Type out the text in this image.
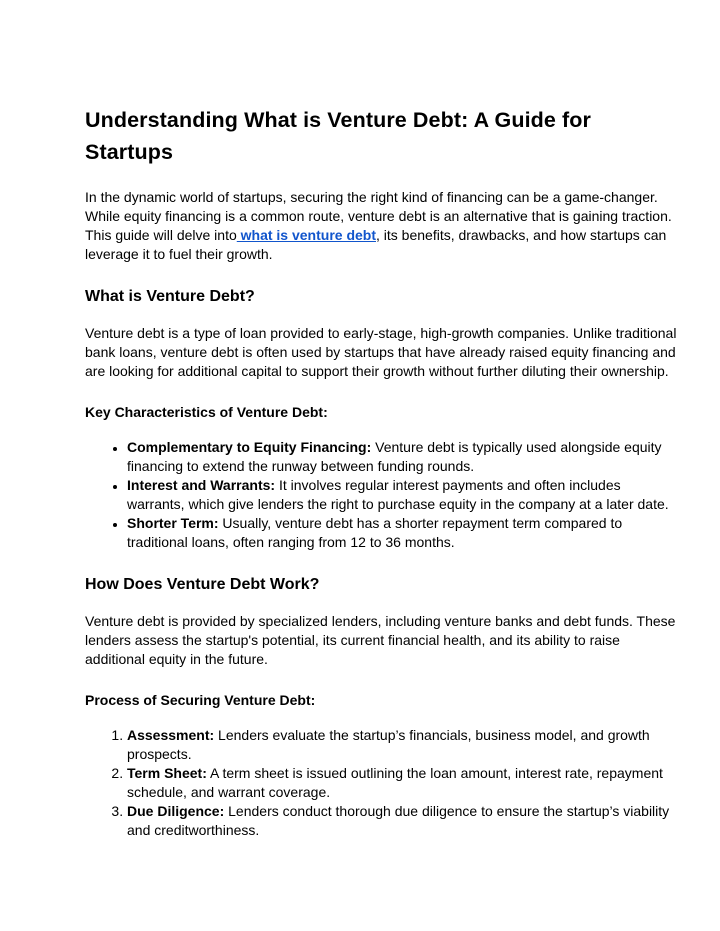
Understanding What is Venture Debt: A Guide for Startups

In the dynamic world of startups, securing the right kind of financing can be a game-changer. While equity financing is a common route, venture debt is an alternative that is gaining traction. This guide will delve into what is venture debt, its benefits, drawbacks, and how startups can leverage it to fuel their growth.

What is Venture Debt?

Venture debt is a type of loan provided to early-stage, high-growth companies. Unlike traditional bank loans, venture debt is often used by startups that have already raised equity financing and are looking for additional capital to support their growth without further diluting their ownership.

Key Characteristics of Venture Debt:

• Complementary to Equity Financing: Venture debt is typically used alongside equity financing to extend the runway between funding rounds.
• Interest and Warrants: It involves regular interest payments and often includes warrants, which give lenders the right to purchase equity in the company at a later date.
• Shorter Term: Usually, venture debt has a shorter repayment term compared to traditional loans, often ranging from 12 to 36 months.
How Does Venture Debt Work?

Venture debt is provided by specialized lenders, including venture banks and debt funds. These lenders assess the startup's potential, its current financial health, and its ability to raise additional equity in the future.

Process of Securing Venture Debt:

1. Assessment: Lenders evaluate the startup’s financials, business model, and growth prospects.
2. Term Sheet: A term sheet is issued outlining the loan amount, interest rate, repayment schedule, and warrant coverage.
3. Due Diligence: Lenders conduct thorough due diligence to ensure the startup’s viability and creditworthiness.
